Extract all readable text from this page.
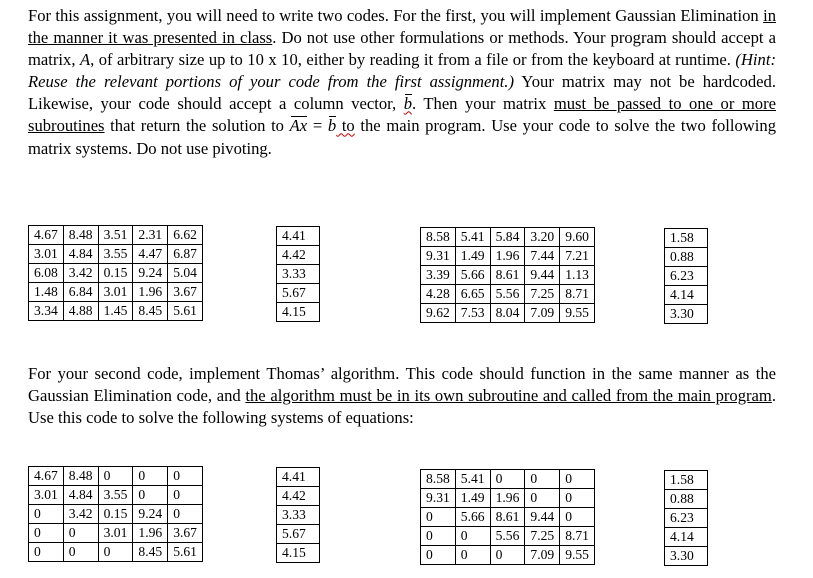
For this assignment, you will need to write two codes. For the first, you will implement Gaussian Elimination in the manner it was presented in class. Do not use other formulations or methods. Your program should accept a matrix, A, of arbitrary size up to 10 x 10, either by reading it from a file or from the keyboard at runtime. (Hint: Reuse the relevant portions of your code from the first assignment.) Your matrix may not be hardcoded. Likewise, your code should accept a column vector, b. Then your matrix must be passed to one or more subroutines that return the solution to Ax = b to the main program. Use your code to solve the two following matrix systems. Do not use pivoting.
4.67	8.48	3.51	2.31	6.62
3.01	4.84	3.55	4.47	6.87
6.08	3.42	0.15	9.24	5.04
1.48	6.84	3.01	1.96	3.67
3.34	4.88	1.45	8.45	5.61
4.41
4.42
3.33
5.67
4.15
8.58	5.41	5.84	3.20	9.60
9.31	1.49	1.96	7.44	7.21
3.39	5.66	8.61	9.44	1.13
4.28	6.65	5.56	7.25	8.71
9.62	7.53	8.04	7.09	9.55
1.58
0.88
6.23
4.14
3.30
For your second code, implement Thomas’ algorithm. This code should function in the same manner as the Gaussian Elimination code, and the algorithm must be in its own subroutine and called from the main program. Use this code to solve the following systems of equations:
4.67	8.48	0	0	0
3.01	4.84	3.55	0	0
0	3.42	0.15	9.24	0
0	0	3.01	1.96	3.67
0	0	0	8.45	5.61
4.41
4.42
3.33
5.67
4.15
8.58	5.41	0	0	0
9.31	1.49	1.96	0	0
0	5.66	8.61	9.44	0
0	0	5.56	7.25	8.71
0	0	0	7.09	9.55
1.58
0.88
6.23
4.14
3.30
